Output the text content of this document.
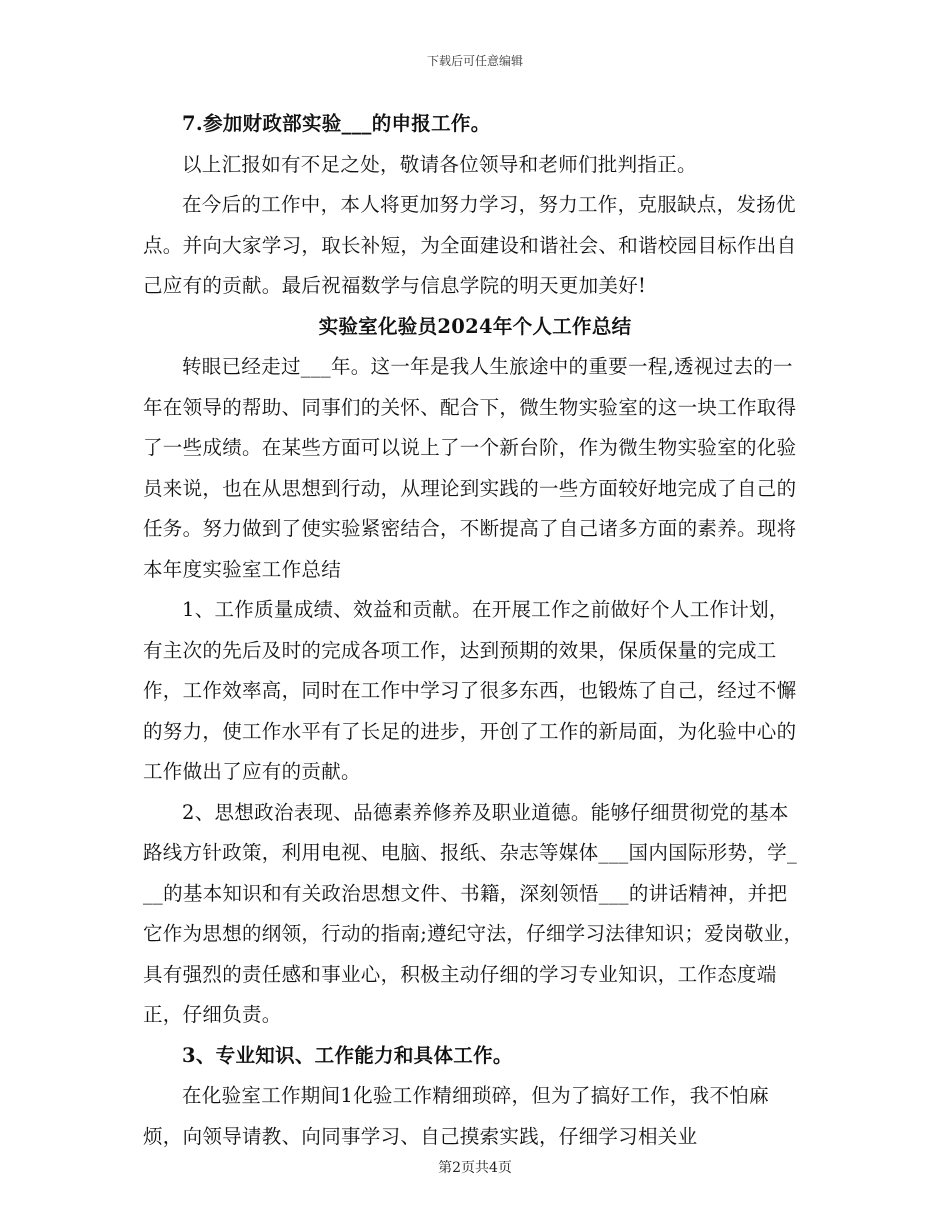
下载后可任意编辑

7.参加财政部实验___的申报工作。

以上汇报如有不足之处，敬请各位领导和老师们批判指正。

在今后的工作中，本人将更加努力学习，努力工作，克服缺点，发扬优点。并向大家学习，取长补短，为全面建设和谐社会、和谐校园目标作出自己应有的贡献。最后祝福数学与信息学院的明天更加美好!

实验室化验员2024年个人工作总结

转眼已经走过___年。这一年是我人生旅途中的重要一程,透视过去的一年在领导的帮助、同事们的关怀、配合下，微生物实验室的这一块工作取得了一些成绩。在某些方面可以说上了一个新台阶，作为微生物实验室的化验员来说，也在从思想到行动，从理论到实践的一些方面较好地完成了自己的任务。努力做到了使实验紧密结合，不断提高了自己诸多方面的素养。现将本年度实验室工作总结

1、工作质量成绩、效益和贡献。在开展工作之前做好个人工作计划，有主次的先后及时的完成各项工作，达到预期的效果，保质保量的完成工作，工作效率高，同时在工作中学习了很多东西，也锻炼了自己，经过不懈的努力，使工作水平有了长足的进步，开创了工作的新局面，为化验中心的工作做出了应有的贡献。

2、思想政治表现、品德素养修养及职业道德。能够仔细贯彻党的基本路线方针政策，利用电视、电脑、报纸、杂志等媒体___国内国际形势，学___的基本知识和有关政治思想文件、书籍，深刻领悟___的讲话精神，并把它作为思想的纲领，行动的指南;遵纪守法，仔细学习法律知识；爱岗敬业，具有强烈的责任感和事业心，积极主动仔细的学习专业知识，工作态度端正，仔细负责。

3、专业知识、工作能力和具体工作。

在化验室工作期间1化验工作精细琐碎，但为了搞好工作，我不怕麻烦，向领导请教、向同事学习、自己摸索实践，仔细学习相关业

第2页共4页
